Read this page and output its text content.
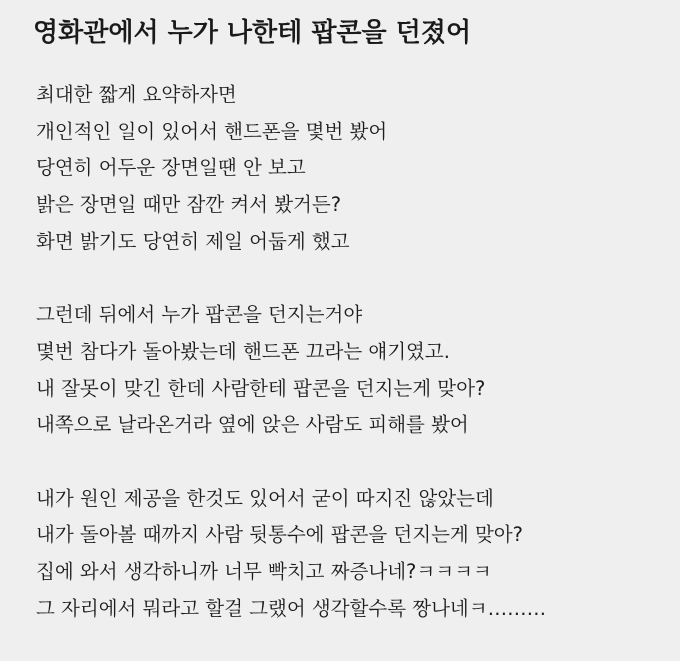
영화관에서 누가 나한테 팝콘을 던졌어
최대한 짧게 요약하자면
개인적인 일이 있어서 핸드폰을 몇번 봤어
당연히 어두운 장면일땐 안 보고
밝은 장면일 때만 잠깐 켜서 봤거든?
화면 밝기도 당연히 제일 어둡게 했고
그런데 뒤에서 누가 팝콘을 던지는거야
몇번 참다가 돌아봤는데 핸드폰 끄라는 얘기였고.
내 잘못이 맞긴 한데 사람한테 팝콘을 던지는게 맞아?
내쪽으로 날라온거라 옆에 앉은 사람도 피해를 봤어
내가 원인 제공을 한것도 있어서 굳이 따지진 않았는데
내가 돌아볼 때까지 사람 뒷통수에 팝콘을 던지는게 맞아?
집에 와서 생각하니까 너무 빡치고 짜증나네?ㅋㅋㅋㅋ
그 자리에서 뭐라고 할걸 그랬어 생각할수록 짱나네ㅋ………
